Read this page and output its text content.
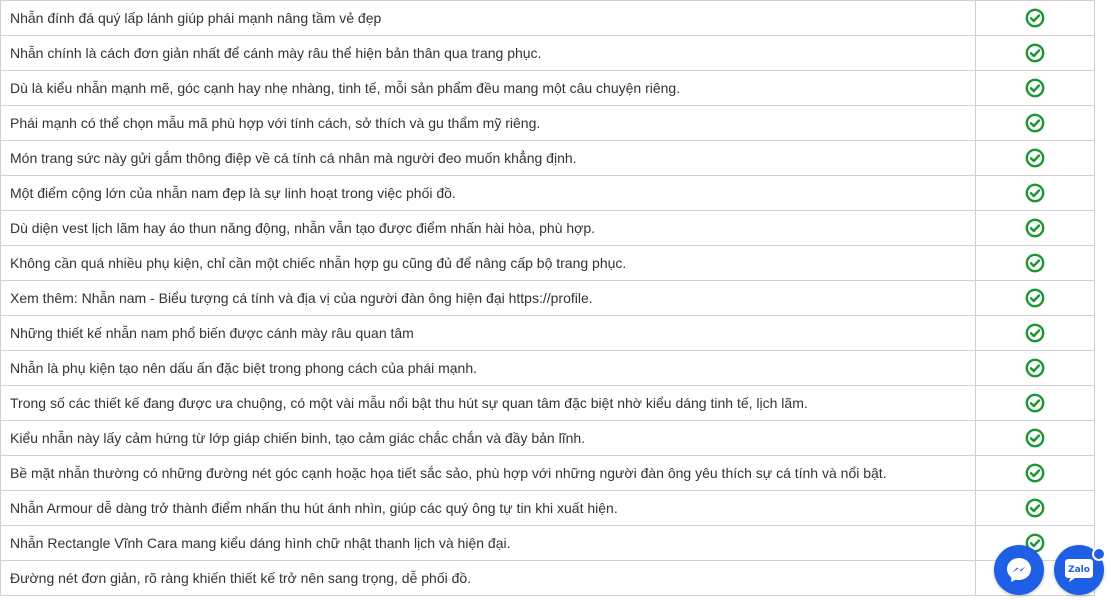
Nhẫn đính đá quý lấp lánh giúp phái mạnh nâng tầm vẻ đẹp	
Nhẫn chính là cách đơn giản nhất để cánh mày râu thể hiện bản thân qua trang phục.	
Dù là kiểu nhẫn mạnh mẽ, góc cạnh hay nhẹ nhàng, tinh tế, mỗi sản phẩm đều mang một câu chuyện riêng.	
Phái mạnh có thể chọn mẫu mã phù hợp với tính cách, sở thích và gu thẩm mỹ riêng.	
Món trang sức này gửi gắm thông điệp về cá tính cá nhân mà người đeo muốn khẳng định.	
Một điểm cộng lớn của nhẫn nam đẹp là sự linh hoạt trong việc phối đồ.	
Dù diện vest lịch lãm hay áo thun năng động, nhẫn vẫn tạo được điểm nhấn hài hòa, phù hợp.	
Không cần quá nhiều phụ kiện, chỉ cần một chiếc nhẫn hợp gu cũng đủ để nâng cấp bộ trang phục.	
Xem thêm: Nhẫn nam - Biểu tượng cá tính và địa vị của người đàn ông hiện đại https://profile.	
Những thiết kế nhẫn nam phổ biến được cánh mày râu quan tâm	
Nhẫn là phụ kiện tạo nên dấu ấn đặc biệt trong phong cách của phái mạnh.	
Trong số các thiết kế đang được ưa chuộng, có một vài mẫu nổi bật thu hút sự quan tâm đặc biệt nhờ kiểu dáng tinh tế, lịch lãm.	
Kiểu nhẫn này lấy cảm hứng từ lớp giáp chiến binh, tạo cảm giác chắc chắn và đầy bản lĩnh.	
Bề mặt nhẫn thường có những đường nét góc cạnh hoặc họa tiết sắc sảo, phù hợp với những người đàn ông yêu thích sự cá tính và nổi bật.	
Nhẫn Armour dễ dàng trở thành điểm nhấn thu hút ánh nhìn, giúp các quý ông tự tin khi xuất hiện.	
Nhẫn Rectangle Vĩnh Cara mang kiểu dáng hình chữ nhật thanh lịch và hiện đại.	
Đường nét đơn giản, rõ ràng khiến thiết kế trở nên sang trọng, dễ phối đồ.		Zalo
